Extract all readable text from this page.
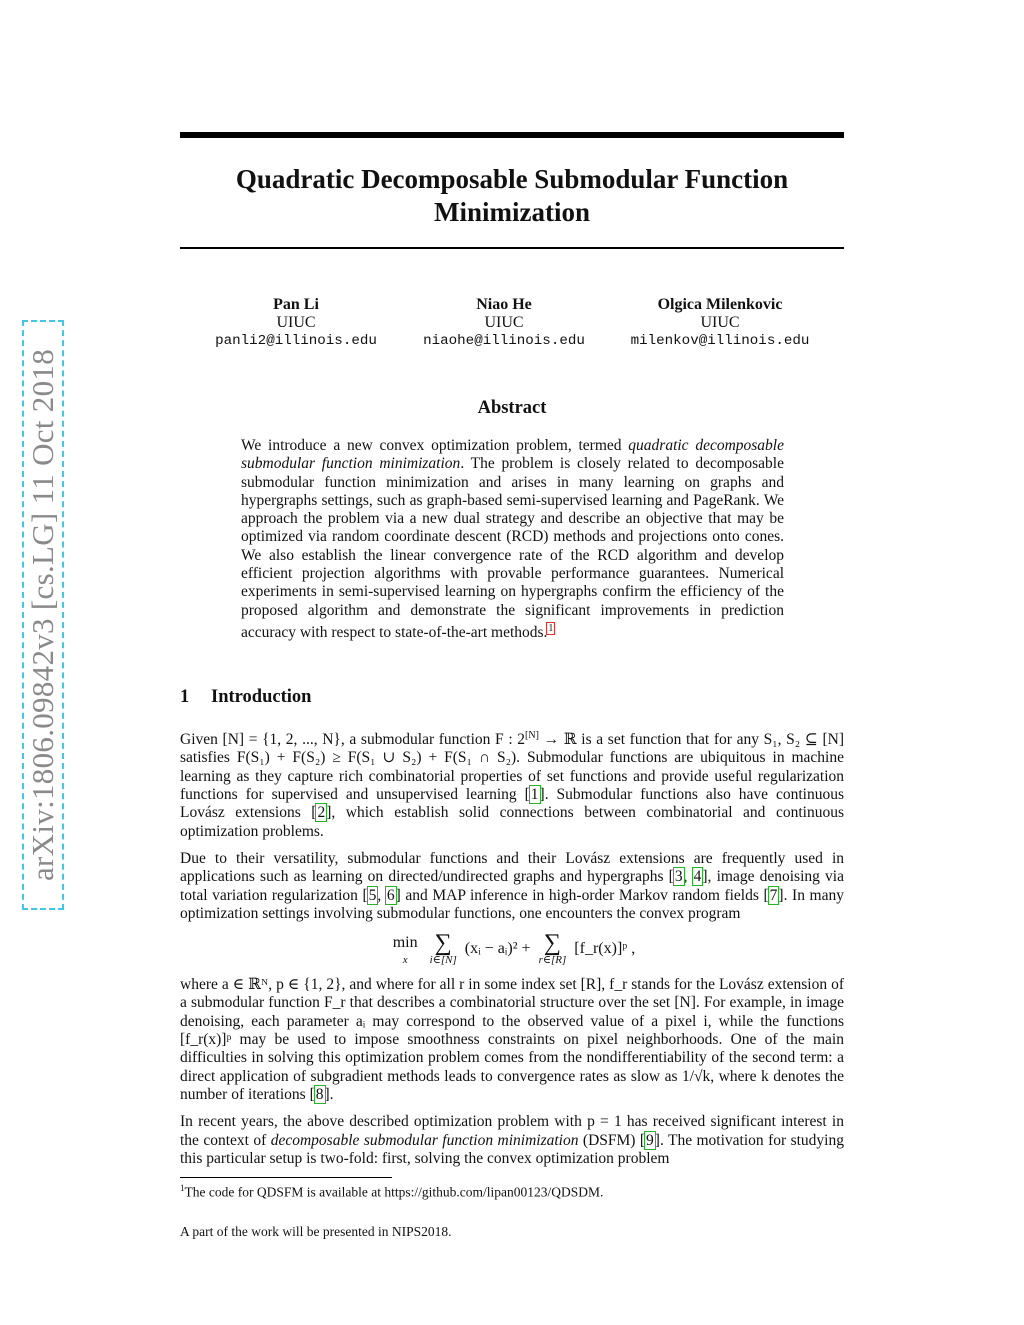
arXiv:1806.09842v3 [cs.LG] 11 Oct 2018
Quadratic Decomposable Submodular Function Minimization
Pan Li
UIUC
panli2@illinois.edu
Niao He
UIUC
niaohe@illinois.edu
Olgica Milenkovic
UIUC
milenkov@illinois.edu
Abstract

We introduce a new convex optimization problem, termed quadratic decomposable submodular function minimization. The problem is closely related to decomposable submodular function minimization and arises in many learning on graphs and hypergraphs settings, such as graph-based semi-supervised learning and PageRank. We approach the problem via a new dual strategy and describe an objective that may be optimized via random coordinate descent (RCD) methods and projections onto cones. We also establish the linear convergence rate of the RCD algorithm and develop efficient projection algorithms with provable performance guarantees. Numerical experiments in semi-supervised learning on hypergraphs confirm the efficiency of the proposed algorithm and demonstrate the significant improvements in prediction accuracy with respect to state-of-the-art methods.$^1$

1 Introduction

Given [N] = {1, 2, ..., N}, a submodular function F : 2[N] → ℝ is a set function that for any S₁, S₂ ⊆ [N] satisfies F(S₁) + F(S₂) ≥ F(S₁ ∪ S₂) + F(S₁ ∩ S₂). Submodular functions are ubiquitous in machine learning as they capture rich combinatorial properties of set functions and provide useful regularization functions for supervised and unsupervised learning [1]. Submodular functions also have continuous Lovász extensions [2], which establish solid connections between combinatorial and continuous optimization problems.

Due to their versatility, submodular functions and their Lovász extensions are frequently used in applications such as learning on directed/undirected graphs and hypergraphs [3, 4], image denoising via total variation regularization [5, 6] and MAP inference in high-order Markov random fields [7]. In many optimization settings involving submodular functions, one encounters the convex program

min
x

∑
i∈[N]
(xᵢ − aᵢ)² + ∑
r∈[R]
[f_r(x)]ᵖ ,

where a ∈ ℝᴺ, p ∈ {1, 2}, and where for all r in some index set [R], f_r stands for the Lovász extension of a submodular function F_r that describes a combinatorial structure over the set [N]. For example, in image denoising, each parameter aᵢ may correspond to the observed value of a pixel i, while the functions [f_r(x)]ᵖ may be used to impose smoothness constraints on pixel neighborhoods. One of the main difficulties in solving this optimization problem comes from the nondifferentiability of the second term: a direct application of subgradient methods leads to convergence rates as slow as 1/√k, where k denotes the number of iterations [8].

In recent years, the above described optimization problem with p = 1 has received significant interest in the context of decomposable submodular function minimization (DSFM) [9]. The motivation for studying this particular setup is two-fold: first, solving the convex optimization problem

$^1$The code for QDSFM is available at https://github.com/lipan00123/QDSDM.

A part of the work will be presented in NIPS2018.
